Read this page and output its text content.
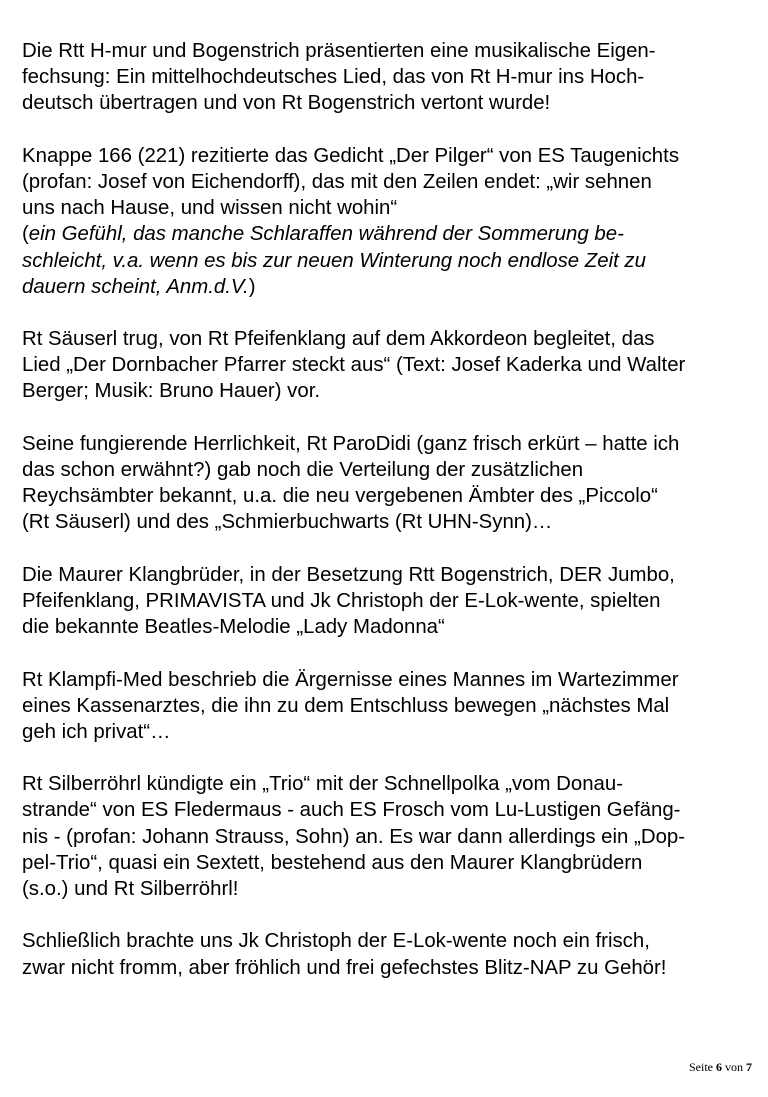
Die Rtt H-mur und Bogenstrich präsentierten eine musikalische Eigen-
fechsung: Ein mittelhochdeutsches Lied, das von Rt H-mur ins Hoch-
deutsch übertragen und von Rt Bogenstrich vertont wurde!
Knappe 166 (221) rezitierte das Gedicht „Der Pilger“ von ES Taugenichts
(profan: Josef von Eichendorff), das mit den Zeilen endet: „wir sehnen
uns nach Hause, und wissen nicht wohin“
(ein Gefühl, das manche Schlaraffen während der Sommerung be-
schleicht, v.a. wenn es bis zur neuen Winterung noch endlose Zeit zu
dauern scheint, Anm.d.V.)
Rt Säuserl trug, von Rt Pfeifenklang auf dem Akkordeon begleitet, das
Lied „Der Dornbacher Pfarrer steckt aus“ (Text: Josef Kaderka und Walter
Berger; Musik: Bruno Hauer) vor.
Seine fungierende Herrlichkeit, Rt ParoDidi (ganz frisch erkürt – hatte ich
das schon erwähnt?) gab noch die Verteilung der zusätzlichen
Reychsämbter bekannt, u.a. die neu vergebenen Ämbter des „Piccolo“
(Rt Säuserl) und des „Schmierbuchwarts (Rt UHN-Synn)…
Die Maurer Klangbrüder, in der Besetzung Rtt Bogenstrich, DER Jumbo,
Pfeifenklang, PRIMAVISTA und Jk Christoph der E-Lok-wente, spielten
die bekannte Beatles-Melodie „Lady Madonna“
Rt Klampfi-Med beschrieb die Ärgernisse eines Mannes im Wartezimmer
eines Kassenarztes, die ihn zu dem Entschluss bewegen „nächstes Mal
geh ich privat“…
Rt Silberröhrl kündigte ein „Trio“ mit der Schnellpolka „vom Donau-
strande“ von ES Fledermaus - auch ES Frosch vom Lu-Lustigen Gefäng-
nis - (profan: Johann Strauss, Sohn) an. Es war dann allerdings ein „Dop-
pel-Trio“, quasi ein Sextett, bestehend aus den Maurer Klangbrüdern
(s.o.) und Rt Silberröhrl!
Schließlich brachte uns Jk Christoph der E-Lok-wente noch ein frisch,
zwar nicht fromm, aber fröhlich und frei gefechstes Blitz-NAP zu Gehör!
Seite 6 von 7
